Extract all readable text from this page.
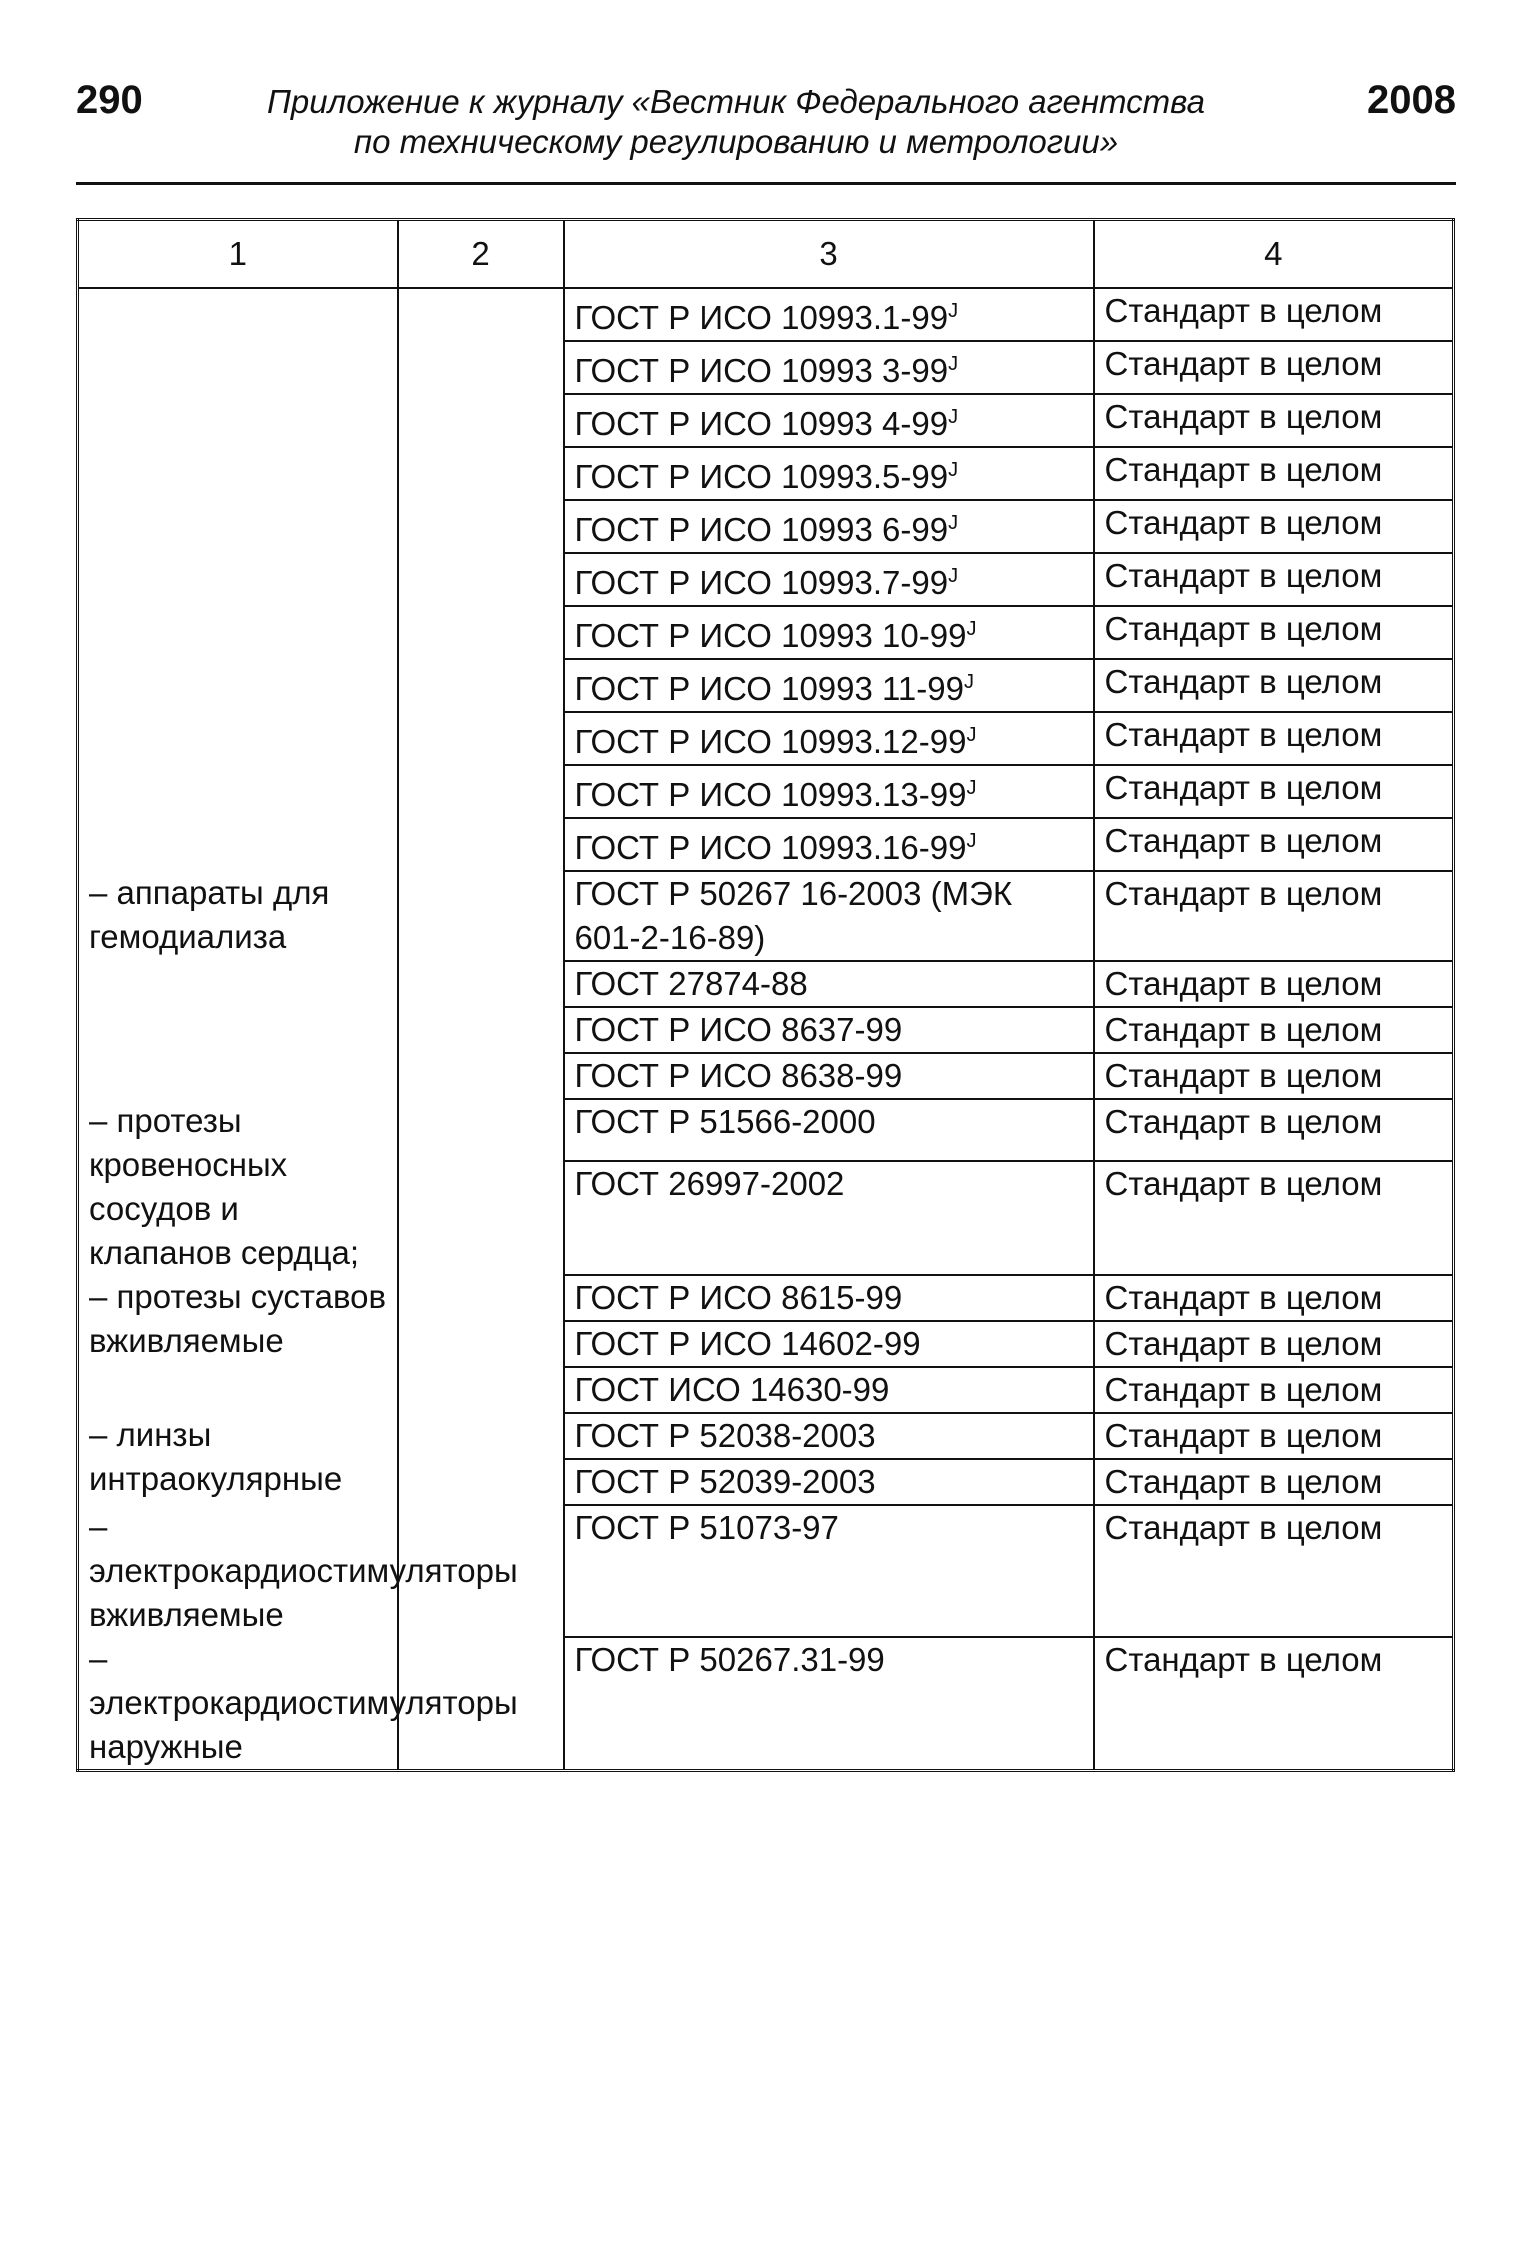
290	Приложение к журналу «Вестник Федерального агентства
по техническому регулированию и метрологии»
2008
1	2	3	4
		ГОСТ Р ИСО $10993.1-99^J$	Стандарт в целом
		ГОСТ Р ИСО 10993 $3-99^J$	Стандарт в целом
		ГОСТ Р ИСО 10993 $4-99^J$	Стандарт в целом
		ГОСТ Р ИСО $10993.5-99^J$	Стандарт в целом
		ГОСТ Р ИСО 10993 $6-99^J$	Стандарт в целом
		ГОСТ Р ИСО $10993.7-99^J$	Стандарт в целом
		ГОСТ Р ИСО 10993 $10-99^J$	Стандарт в целом
		ГОСТ Р ИСО 10993 $11-99^J$	Стандарт в целом
		ГОСТ Р ИСО $10993.12-99^J$	Стандарт в целом
		ГОСТ Р ИСО $10993.13-99^J$	Стандарт в целом
		ГОСТ Р ИСО $10993.16-99^J$	Стандарт в целом
– аппараты для гемодиализа		ГОСТ Р 50267 16-2003 (МЭК 601-2-16-89)	Стандарт в целом
		ГОСТ 27874-88	Стандарт в целом
		ГОСТ Р ИСО 8637-99	Стандарт в целом
		ГОСТ Р ИСО 8638-99	Стандарт в целом
– протезы кровеносных сосудов и клапанов сердца;		ГОСТ Р 51566-2000	Стандарт в целом
		ГОСТ 26997-2002	Стандарт в целом
– протезы суставов вживляемые		ГОСТ Р ИСО 8615-99	Стандарт в целом
		ГОСТ Р ИСО 14602-99	Стандарт в целом
		ГОСТ ИСО 14630-99	Стандарт в целом
– линзы интраокулярные		ГОСТ Р 52038-2003	Стандарт в целом
		ГОСТ Р 52039-2003	Стандарт в целом
– электрокардиостимуляторы вживляемые		ГОСТ Р 51073-97	Стандарт в целом
– электрокардиостимуляторы наружные		ГОСТ Р 50267.31-99	Стандарт в целом
